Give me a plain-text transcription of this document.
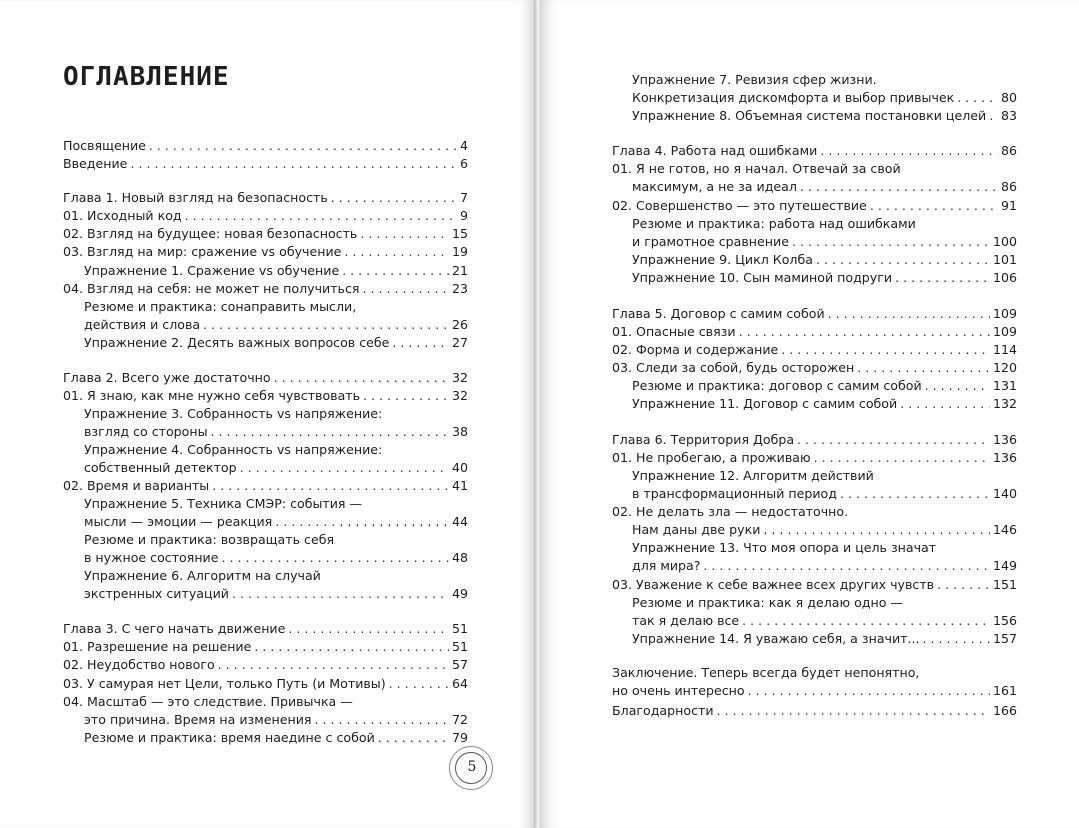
ОГЛАВЛЕНИЕ
Посвящение . . .	4
Введение . . .	6
Глава 1. Новый взгляд на безопасность . . .	7
01. Исходный код . . .	9
02. Взгляд на будущее: новая безопасность . . .	15
03. Взгляд на мир: сражение vs обучение . . .	19
Упражнение 1. Сражение vs обучение . . .	21
04. Взгляд на себя: не может не получиться . . .	23
Резюме и практика: сонаправить мысли,
действия и слова . . .	26
Упражнение 2. Десять важных вопросов себе . . .	27
Глава 2. Всего уже достаточно . . .	32
01. Я знаю, как мне нужно себя чувствовать . . .	32
Упражнение 3. Собранность vs напряжение:
взгляд со стороны . . .	38
Упражнение 4. Собранность vs напряжение:
собственный детектор . . .	40
02. Время и варианты . . .	41
Упражнение 5. Техника СМЭР: события —
мысли — эмоции — реакция . . .	44
Резюме и практика: возвращать себя
в нужное состояние . . .	48
Упражнение 6. Алгоритм на случай
экстренных ситуаций . . .	49
Глава 3. С чего начать движение . . .	51
01. Разрешение на решение . . .	51
02. Неудобство нового . . .	57
03. У самурая нет Цели, только Путь (и Мотивы) . . .	64
04. Масштаб — это следствие. Привычка —
это причина. Время на изменения . . .	72
Резюме и практика: время наедине с собой . . .	79
5
Упражнение 7. Ревизия сфер жизни.
Конкретизация дискомфорта и выбор привычек . . .	80
Упражнение 8. Объемная система постановки целей . . . 83
Глава 4. Работа над ошибками . . .	86
01. Я не готов, но я начал. Отвечай за свой
максимум, а не за идеал . . .	86
02. Совершенство — это путешествие . . .	91
Резюме и практика: работа над ошибками
и грамотное сравнение . . .	100
Упражнение 9. Цикл Колба . . .	101
Упражнение 10. Сын маминой подруги . . .	106
Глава 5. Договор с самим собой . . .	109
01. Опасные связи . . .	109
02. Форма и содержание . . .	114
03. Следи за собой, будь осторожен . . .	120
Резюме и практика: договор с самим собой . . .	131
Упражнение 11. Договор с самим собой . . .	132
Глава 6. Территория Добра . . .	136
01. Не пробегаю, а проживаю . . .	136
Упражнение 12. Алгоритм действий
в трансформационный период . . .	140
02. Не делать зла — недостаточно.
Нам даны две руки . . .	146
Упражнение 13. Что моя опора и цель значат
для мира? . . .	149
03. Уважение к себе важнее всех других чувств . . .	151
Резюме и практика: как я делаю одно —
так я делаю все . . .	156
Упражнение 14. Я уважаю себя, а значит... . . .	157
Заключение. Теперь всегда будет непонятно,
но очень интересно . . .	161
Благодарности . . .	166
